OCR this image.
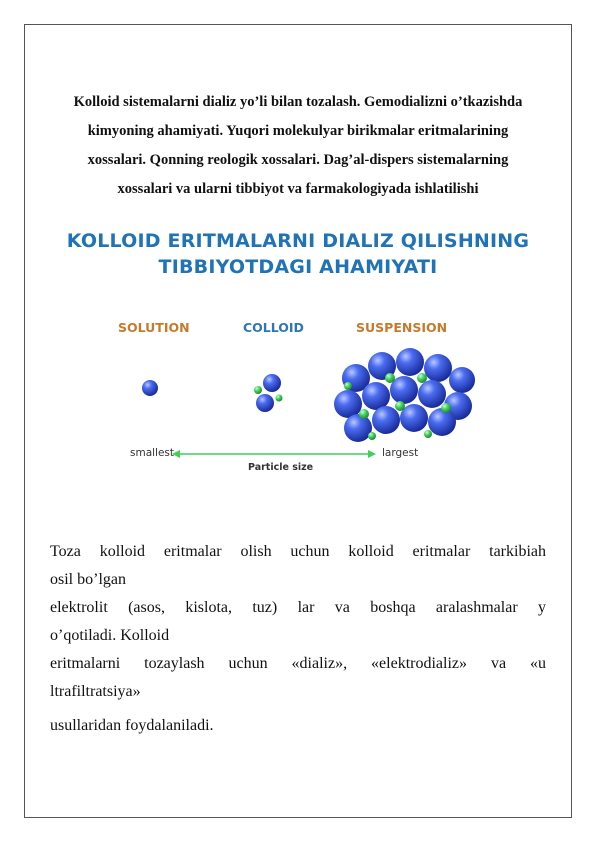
Kolloid sistemalarni dializ yo’li bilan tozalash. Gemodializni o’tkazishda
kimyoning ahamiyati. Yuqori molekulyar birikmalar eritmalarining
xossalari. Qonning reologik xossalari. Dag’al-dispers sistemalarning
xossalari va ularni tibbiyot va farmakologiyada ishlatilishi
KOLLOID ERITMALARNI DIALIZ QILISHNING
TIBBIYOTDAGI AHAMIYATI
SOLUTION	COLLOID	SUSPENSION
smallest	largest
Particle size

Toza kolloid eritmalar olish uchun kolloid eritmalar tarkibiah

osil bo’lgan

elektrolit (asos, kislota, tuz) lar va boshqa aralashmalar y

o’qotiladi. Kolloid

eritmalarni tozaylash uchun «dializ», «elektrodializ» va «u

ltrafiltratsiya»

usullaridan foydalaniladi.
